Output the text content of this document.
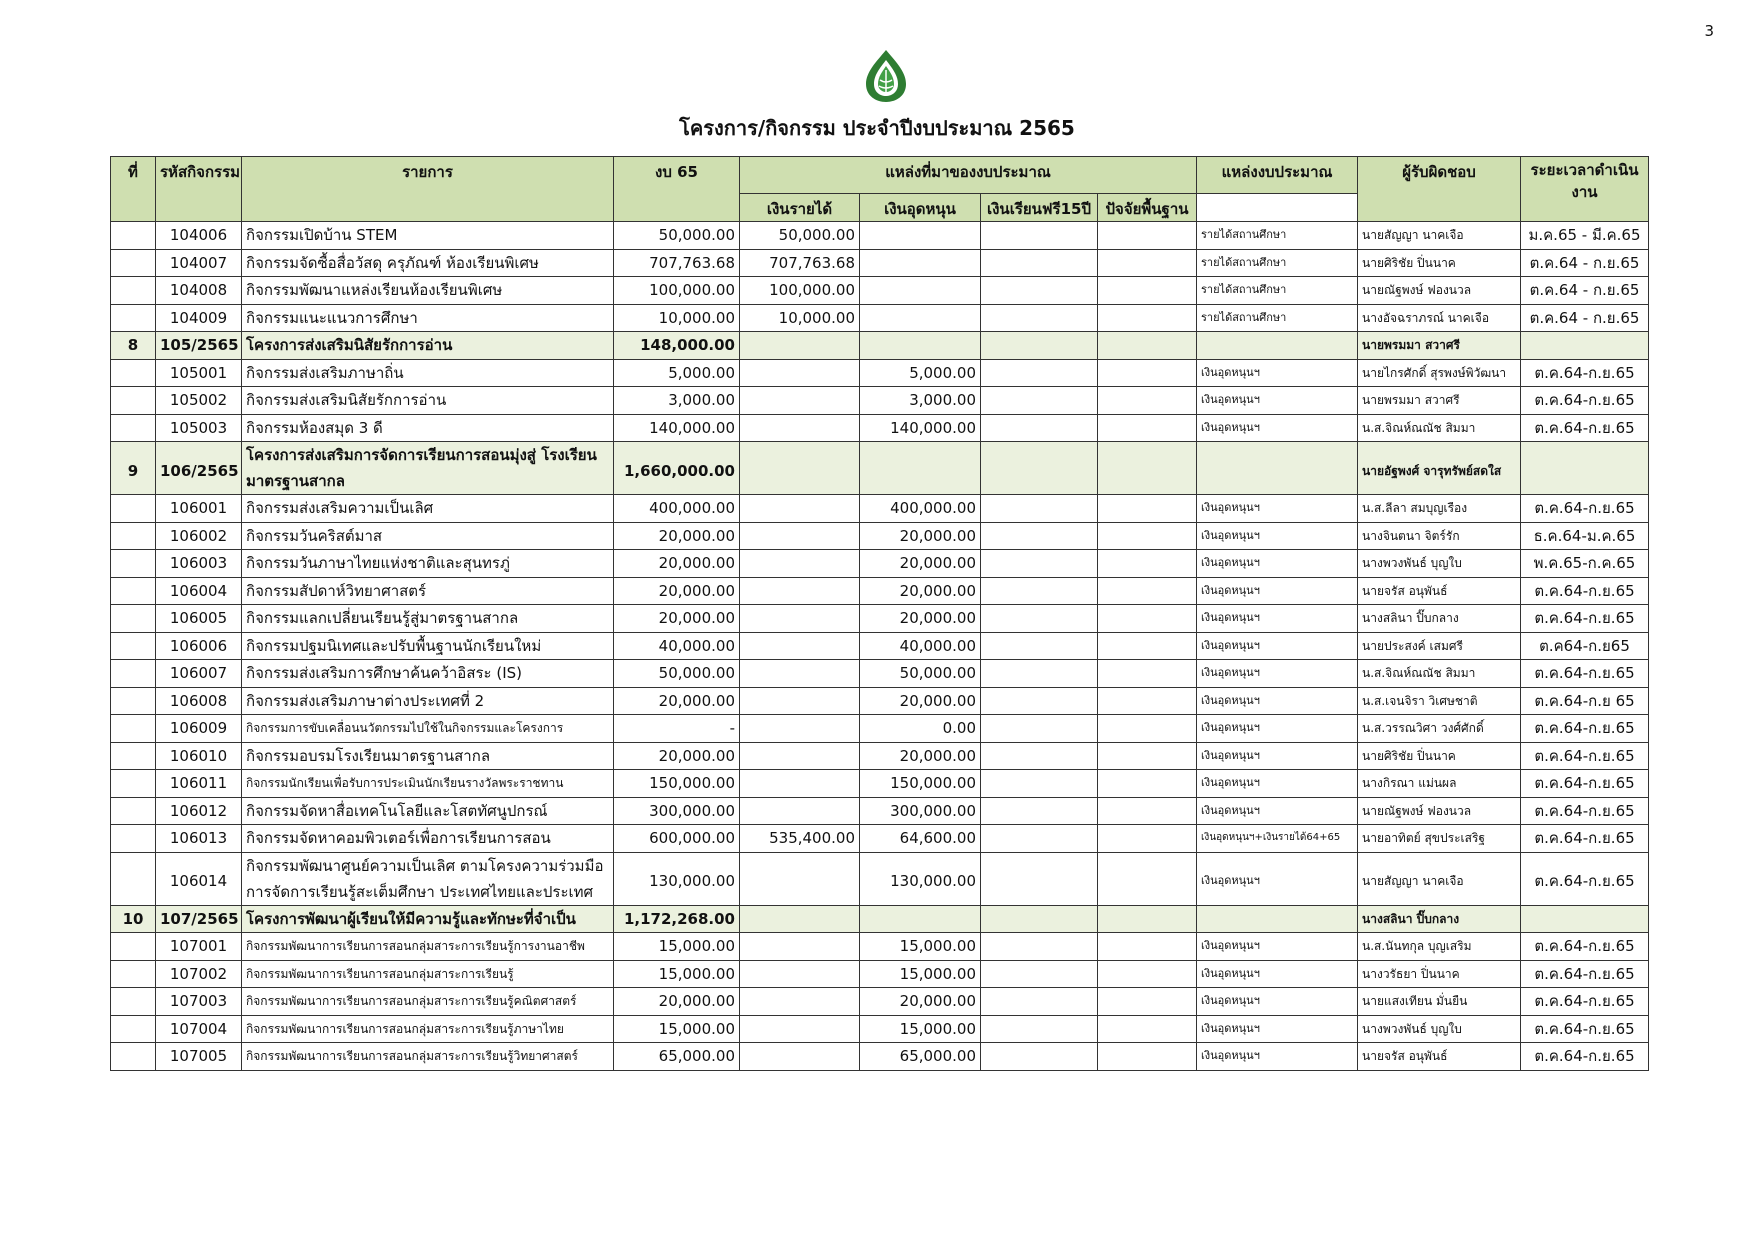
3
โครงการ/กิจกรรม ประจำปีงบประมาณ 2565
ที่	รหัสกิจกรรม	รายการ	งบ 65	แหล่งที่มาของงบประมาณ				แหล่งงบประมาณ	ผู้รับผิดชอบ	ระยะเวลาดำเนินงาน
				เงินรายได้	เงินอุดหนุน	เงินเรียนฟรี15ปี	ปัจจัยพื้นฐาน			
	104006	กิจกรรมเปิดบ้าน STEM	50,000.00	50,000.00				รายได้สถานศึกษา	นายสัญญา นาคเจือ	ม.ค.65 - มี.ค.65
	104007	กิจกรรมจัดซื้อสื่อวัสดุ ครุภัณฑ์ ห้องเรียนพิเศษ	707,763.68	707,763.68				รายได้สถานศึกษา	นายศิริชัย ปิ่นนาค	ต.ค.64 - ก.ย.65
	104008	กิจกรรมพัฒนาแหล่งเรียนห้องเรียนพิเศษ	100,000.00	100,000.00				รายได้สถานศึกษา	นายณัฐพงษ์ ฟองนวล	ต.ค.64 - ก.ย.65
	104009	กิจกรรมแนะแนวการศึกษา	10,000.00	10,000.00				รายได้สถานศึกษา	นางอัจฉราภรณ์ นาคเจือ	ต.ค.64 - ก.ย.65
8	105/2565	โครงการส่งเสริมนิสัยรักการอ่าน	148,000.00						นายพรมมา สวาศรี	
	105001	กิจกรรมส่งเสริมภาษาถิ่น	5,000.00		5,000.00			เงินอุดหนุนฯ	นายไกรศักดิ์ สุรพงษ์พิวัฒนา	ต.ค.64-ก.ย.65
	105002	กิจกรรมส่งเสริมนิสัยรักการอ่าน	3,000.00		3,000.00			เงินอุดหนุนฯ	นายพรมมา สวาศรี	ต.ค.64-ก.ย.65
	105003	กิจกรรมห้องสมุด 3 ดี	140,000.00		140,000.00			เงินอุดหนุนฯ	น.ส.จิณห์ณณัช สิมมา	ต.ค.64-ก.ย.65
9	106/2565	โครงการส่งเสริมการจัดการเรียนการสอนมุ่งสู่ โรงเรียนมาตรฐานสากล	1,660,000.00						นายอัฐพงศ์ จารุทรัพย์สดใส	
	106001	กิจกรรมส่งเสริมความเป็นเลิศ	400,000.00		400,000.00			เงินอุดหนุนฯ	น.ส.ลีลา สมบุญเรือง	ต.ค.64-ก.ย.65
	106002	กิจกรรมวันคริสต์มาส	20,000.00		20,000.00			เงินอุดหนุนฯ	นางจินตนา จิตร์รัก	ธ.ค.64-ม.ค.65
	106003	กิจกรรมวันภาษาไทยแห่งชาติและสุนทรภู่	20,000.00		20,000.00			เงินอุดหนุนฯ	นางพวงพันธ์ บุญใบ	พ.ค.65-ก.ค.65
	106004	กิจกรรมสัปดาห์วิทยาศาสตร์	20,000.00		20,000.00			เงินอุดหนุนฯ	นายจรัส อนุพันธ์	ต.ค.64-ก.ย.65
	106005	กิจกรรมแลกเปลี่ยนเรียนรู้สู่มาตรฐานสากล	20,000.00		20,000.00			เงินอุดหนุนฯ	นางสลินา ปิ๊บกลาง	ต.ค.64-ก.ย.65
	106006	กิจกรรมปฐมนิเทศและปรับพื้นฐานนักเรียนใหม่	40,000.00		40,000.00			เงินอุดหนุนฯ	นายประสงค์ เสมศรี	ต.ค64-ก.ย65
	106007	กิจกรรมส่งเสริมการศึกษาค้นคว้าอิสระ (IS)	50,000.00		50,000.00			เงินอุดหนุนฯ	น.ส.จิณห์ณณัช สิมมา	ต.ค.64-ก.ย.65
	106008	กิจกรรมส่งเสริมภาษาต่างประเทศที่ 2	20,000.00		20,000.00			เงินอุดหนุนฯ	น.ส.เจนจิรา วิเศษชาติ	ต.ค.64-ก.ย 65
	106009	กิจกรรมการขับเคลื่อนนวัตกรรมไปใช้ในกิจกรรมและโครงการ	-		0.00			เงินอุดหนุนฯ	น.ส.วรรณวิศา วงศ์ศักดิ์	ต.ค.64-ก.ย.65
	106010	กิจกรรมอบรมโรงเรียนมาตรฐานสากล	20,000.00		20,000.00			เงินอุดหนุนฯ	นายศิริชัย ปิ่นนาค	ต.ค.64-ก.ย.65
	106011	กิจกรรมนักเรียนเพื่อรับการประเมินนักเรียนรางวัลพระราชทาน	150,000.00		150,000.00			เงินอุดหนุนฯ	นางกิรณา แม่นผล	ต.ค.64-ก.ย.65
	106012	กิจกรรมจัดหาสื่อเทคโนโลยีและโสตทัศนูปกรณ์	300,000.00		300,000.00			เงินอุดหนุนฯ	นายณัฐพงษ์ ฟองนวล	ต.ค.64-ก.ย.65
	106013	กิจกรรมจัดหาคอมพิวเตอร์เพื่อการเรียนการสอน	600,000.00	535,400.00	64,600.00			เงินอุดหนุนฯ+เงินรายได้64+65	นายอาทิตย์ สุขประเสริฐ	ต.ค.64-ก.ย.65
	106014	กิจกรรมพัฒนาศูนย์ความเป็นเลิศ ตามโครงความร่วมมือ การจัดการเรียนรู้สะเต็มศึกษา ประเทศไทยและประเทศ	130,000.00		130,000.00			เงินอุดหนุนฯ	นายสัญญา นาคเจือ	ต.ค.64-ก.ย.65
10	107/2565	โครงการพัฒนาผู้เรียนให้มีความรู้และทักษะที่จำเป็น	1,172,268.00						นางสลินา ปิ๊บกลาง	
	107001	กิจกรรมพัฒนาการเรียนการสอนกลุ่มสาระการเรียนรู้การงานอาชีพ	15,000.00		15,000.00			เงินอุดหนุนฯ	น.ส.นันทกุล บุญเสริม	ต.ค.64-ก.ย.65
	107002	กิจกรรมพัฒนาการเรียนการสอนกลุ่มสาระการเรียนรู้	15,000.00		15,000.00			เงินอุดหนุนฯ	นางวรัธยา ปิ่นนาค	ต.ค.64-ก.ย.65
	107003	กิจกรรมพัฒนาการเรียนการสอนกลุ่มสาระการเรียนรู้คณิตศาสตร์	20,000.00		20,000.00			เงินอุดหนุนฯ	นายแสงเทียน มั่นยืน	ต.ค.64-ก.ย.65
	107004	กิจกรรมพัฒนาการเรียนการสอนกลุ่มสาระการเรียนรู้ภาษาไทย	15,000.00		15,000.00			เงินอุดหนุนฯ	นางพวงพันธ์ บุญใบ	ต.ค.64-ก.ย.65
	107005	กิจกรรมพัฒนาการเรียนการสอนกลุ่มสาระการเรียนรู้วิทยาศาสตร์	65,000.00		65,000.00			เงินอุดหนุนฯ	นายจรัส อนุพันธ์	ต.ค.64-ก.ย.65
